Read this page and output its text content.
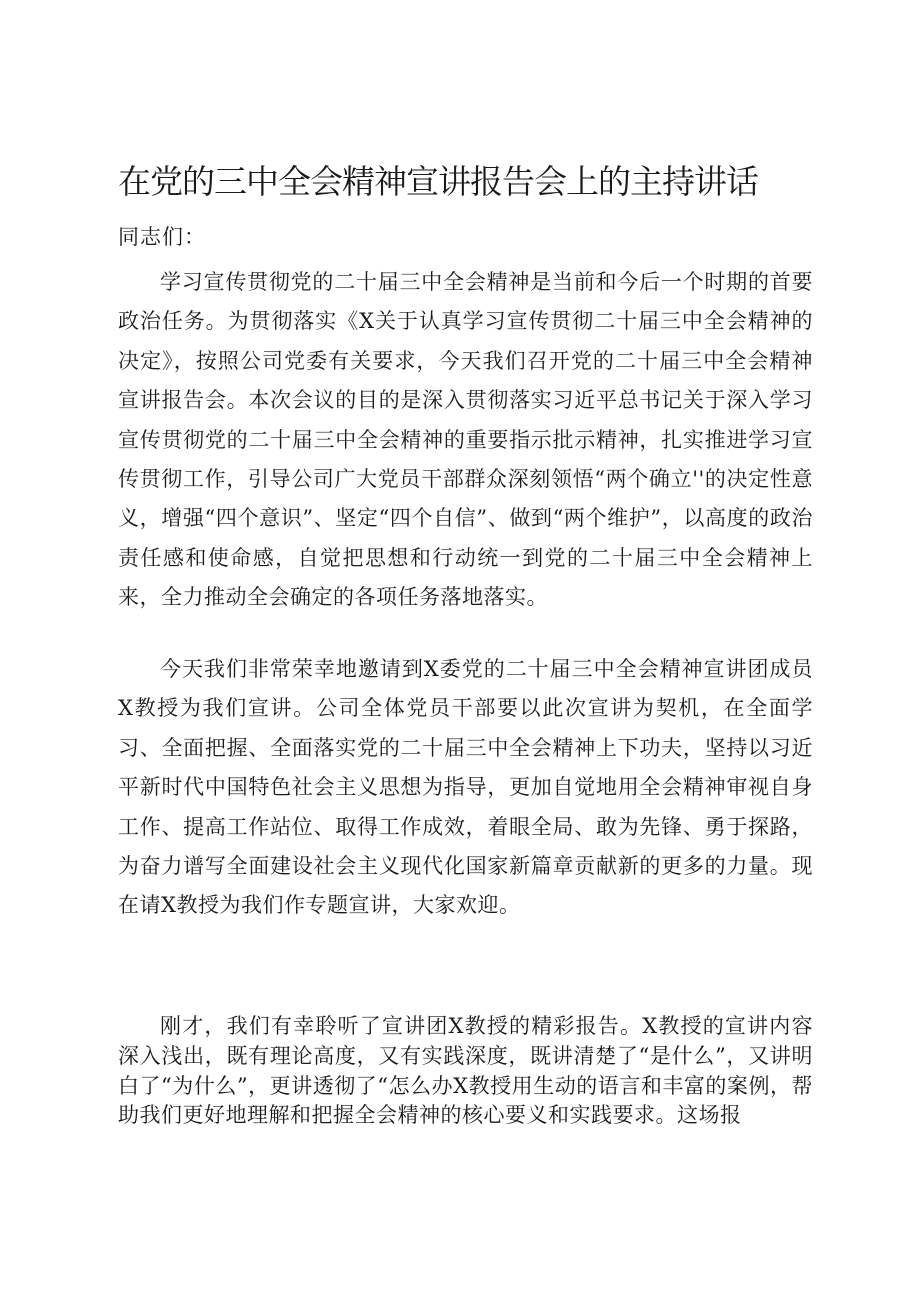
在党的三中全会精神宣讲报告会上的主持讲话

同志们：

学习宣传贯彻党的二十届三中全会精神是当前和今后一个时期的首要政治任务。为贯彻落实《X关于认真学习宣传贯彻二十届三中全会精神的决定》，按照公司党委有关要求，今天我们召开党的二十届三中全会精神宣讲报告会。本次会议的目的是深入贯彻落实习近平总书记关于深入学习宣传贯彻党的二十届三中全会精神的重要指示批示精神，扎实推进学习宣传贯彻工作，引导公司广大党员干部群众深刻领悟“两个确立''的决定性意义，增强“四个意识”、坚定“四个自信”、做到“两个维护”，以高度的政治责任感和使命感，自觉把思想和行动统一到党的二十届三中全会精神上来，全力推动全会确定的各项任务落地落实。

今天我们非常荣幸地邀请到X委党的二十届三中全会精神宣讲团成员X教授为我们宣讲。公司全体党员干部要以此次宣讲为契机，在全面学习、全面把握、全面落实党的二十届三中全会精神上下功夫，坚持以习近平新时代中国特色社会主义思想为指导，更加自觉地用全会精神审视自身工作、提高工作站位、取得工作成效，着眼全局、敢为先锋、勇于探路，为奋力谱写全面建设社会主义现代化国家新篇章贡献新的更多的力量。现在请X教授为我们作专题宣讲，大家欢迎。

刚才，我们有幸聆听了宣讲团X教授的精彩报告。X教授的宣讲内容深入浅出，既有理论高度，又有实践深度，既讲清楚了“是什么”，又讲明白了“为什么”，更讲透彻了“怎么办X教授用生动的语言和丰富的案例，帮助我们更好地理解和把握全会精神的核心要义和实践要求。这场报
